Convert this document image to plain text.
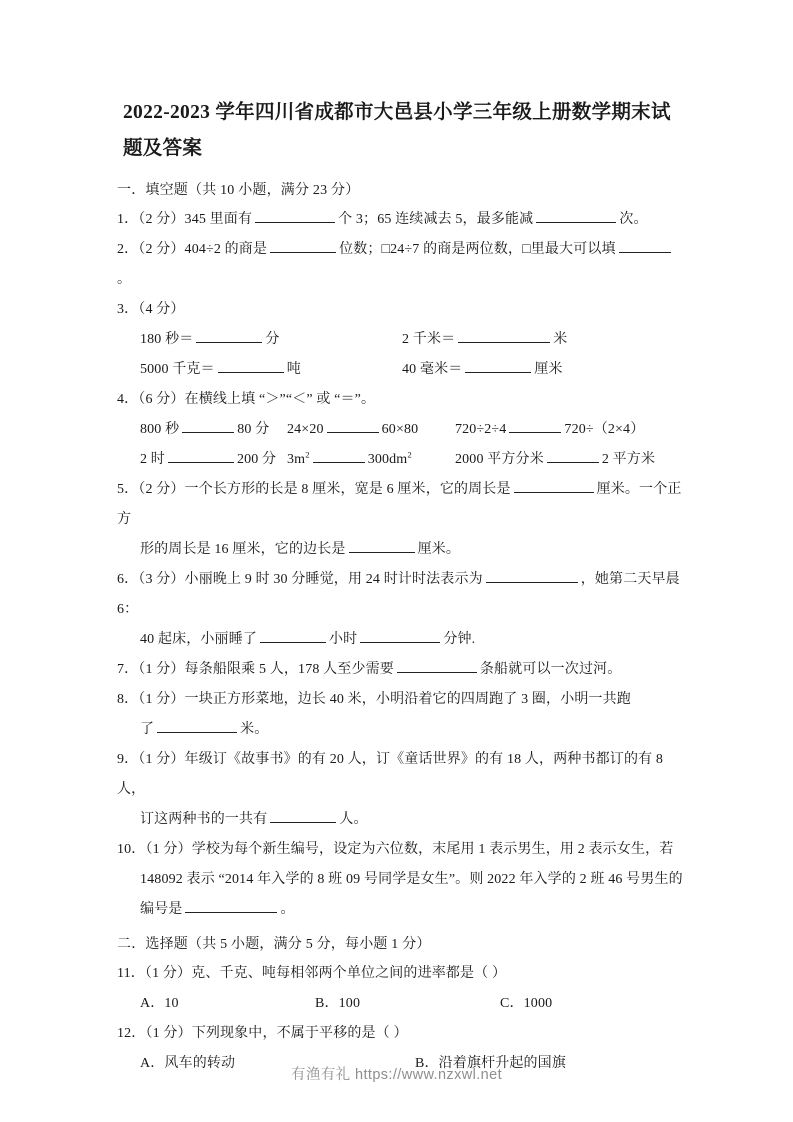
2022-2023 学年四川省成都市大邑县小学三年级上册数学期末试题及答案
一．填空题（共 10 小题，满分 23 分）
1．（2 分）345 里面有	个 3；65 连续减去 5，最多能减	次。
2．（2 分）404÷2 的商是	位数；□24÷7 的商是两位数，□里最大可以填。
3．（4 分）
180 秒＝	分	2 千米＝	米
5000 千克＝	吨	40 毫米＝	厘米
4．（6 分）在横线上填 “＞”“＜” 或 “＝”。
800 秒	80 分 24×20	60×80	720÷2÷4	720÷（2×4）
2 时	200 分 $3m^2$	$300dm^2$	2000 平方分米	2 平方米
5．（2 分）一个长方形的长是 8 厘米，宽是 6 厘米，它的周长是	厘米。一个正方
形的周长是 16 厘米，它的边长是	厘米。
6．（3 分）小丽晚上 9 时 30 分睡觉，用 24 时计时法表示为	，她第二天早晨 6：
40 起床，小丽睡了	小时	分钟.
7．（1 分）每条船限乘 5 人，178 人至少需要	条船就可以一次过河。
8．（1 分）一块正方形菜地，边长 40 米，小明沿着它的四周跑了 3 圈，小明一共跑
了	米。
9．（1 分）年级订《故事书》的有 20 人，订《童话世界》的有 18 人，两种书都订的有 8 人，
订这两种书的一共有	人。
10．（1 分）学校为每个新生编号，设定为六位数，末尾用 1 表示男生，用 2 表示女生，若
148092 表示 “2014 年入学的 8 班 09 号同学是女生”。则 2022 年入学的 2 班 46 号男生的
编号是	。
二．选择题（共 5 小题，满分 5 分，每小题 1 分）
11．（1 分）克、千克、吨每相邻两个单位之间的进率都是（ ）
A．10	B．100	C．1000
12．（1 分）下列现象中，不属于平移的是（ ）
A．风车的转动	B．沿着旗杆升起的国旗
有渔有礼 https://www.nzxwl.net
